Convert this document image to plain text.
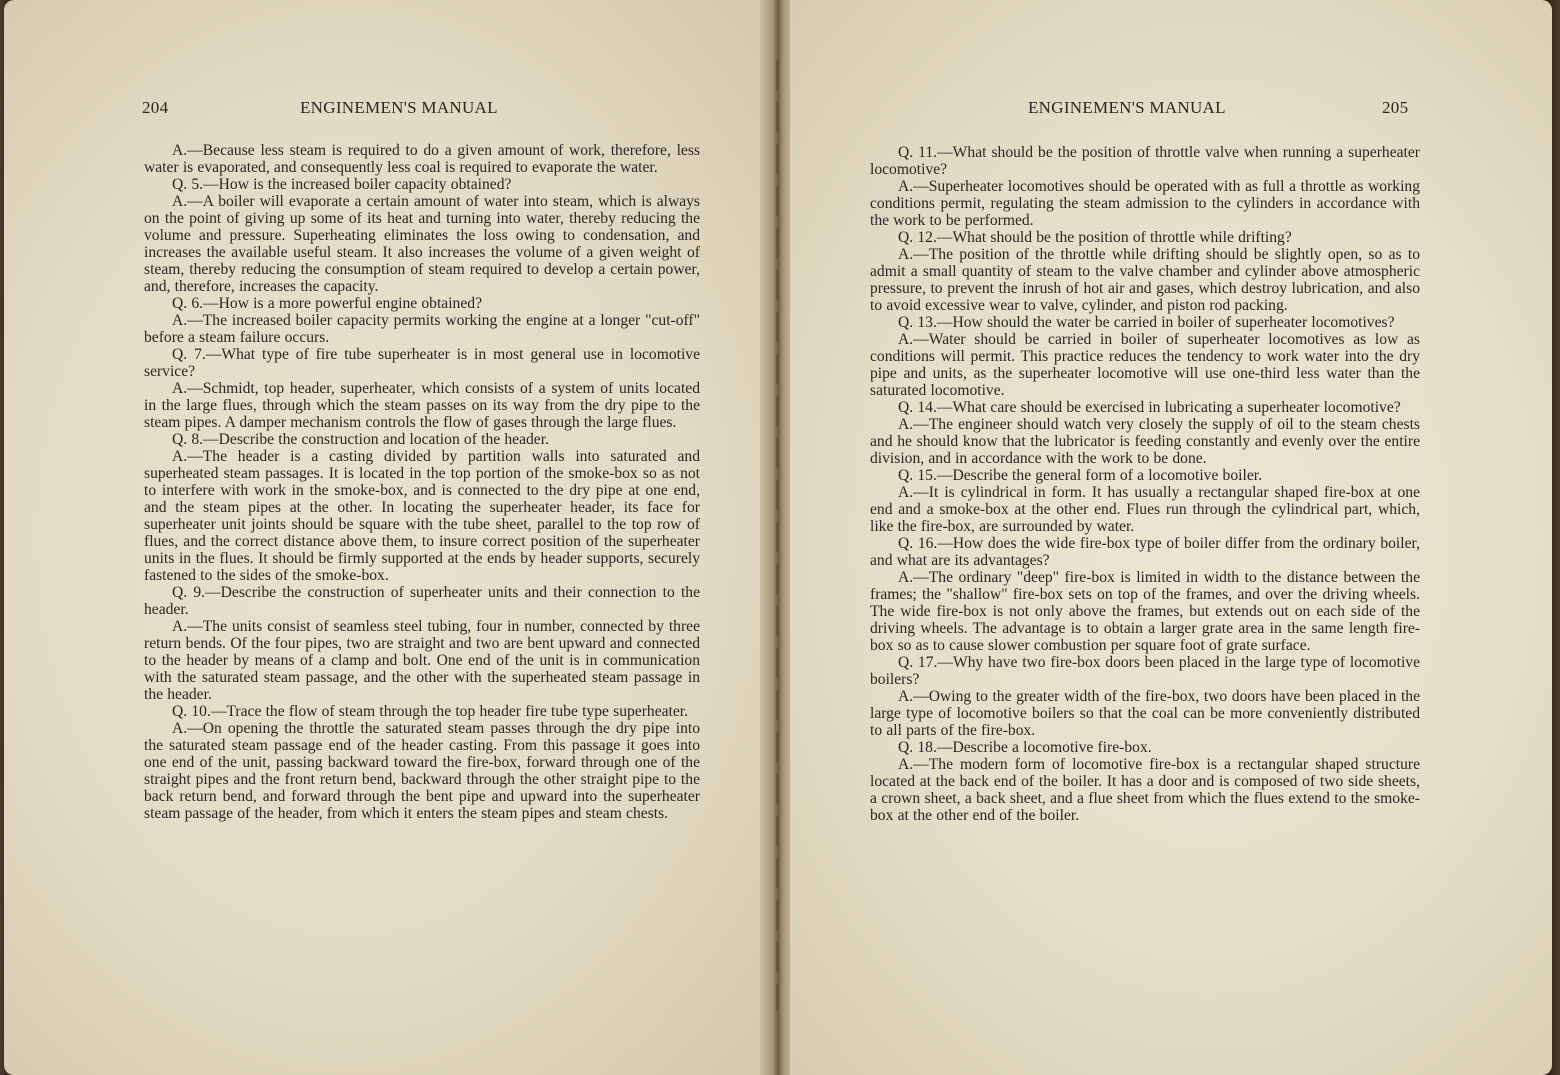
204	ENGINEMEN'S MANUAL

A.—Because less steam is required to do a given amount of work, therefore, less water is evaporated, and consequently less coal is required to evaporate the water.

Q. 5.—How is the increased boiler capacity obtained?

A.—A boiler will evaporate a certain amount of water into steam, which is always on the point of giving up some of its heat and turning into water, thereby reducing the volume and pressure. Superheating eliminates the loss owing to condensation, and increases the available useful steam. It also increases the volume of a given weight of steam, thereby reducing the consumption of steam required to develop a certain power, and, therefore, increases the capacity.

Q. 6.—How is a more powerful engine obtained?

A.—The increased boiler capacity permits working the engine at a longer "cut-off" before a steam failure occurs.

Q. 7.—What type of fire tube superheater is in most general use in locomotive service?

A.—Schmidt, top header, superheater, which consists of a system of units located in the large flues, through which the steam passes on its way from the dry pipe to the steam pipes. A damper mechanism controls the flow of gases through the large flues.

Q. 8.—Describe the construction and location of the header.

A.—The header is a casting divided by partition walls into saturated and superheated steam passages. It is located in the top portion of the smoke-box so as not to interfere with work in the smoke-box, and is connected to the dry pipe at one end, and the steam pipes at the other. In locating the superheater header, its face for superheater unit joints should be square with the tube sheet, parallel to the top row of flues, and the correct distance above them, to insure correct position of the superheater units in the flues. It should be firmly supported at the ends by header supports, securely fastened to the sides of the smoke-box.

Q. 9.—Describe the construction of superheater units and their connection to the header.

A.—The units consist of seamless steel tubing, four in number, connected by three return bends. Of the four pipes, two are straight and two are bent upward and connected to the header by means of a clamp and bolt. One end of the unit is in communication with the saturated steam passage, and the other with the superheated steam passage in the header.

Q. 10.—Trace the flow of steam through the top header fire tube type superheater.

A.—On opening the throttle the saturated steam passes through the dry pipe into the saturated steam passage end of the header casting. From this passage it goes into one end of the unit, passing backward toward the fire-box, forward through one of the straight pipes and the front return bend, backward through the other straight pipe to the back return bend, and forward through the bent pipe and upward into the superheater steam passage of the header, from which it enters the steam pipes and steam chests.

ENGINEMEN'S MANUAL	205

Q. 11.—What should be the position of throttle valve when running a superheater locomotive?

A.—Superheater locomotives should be operated with as full a throttle as working conditions permit, regulating the steam admission to the cylinders in accordance with the work to be performed.

Q. 12.—What should be the position of throttle while drifting?

A.—The position of the throttle while drifting should be slightly open, so as to admit a small quantity of steam to the valve chamber and cylinder above atmospheric pressure, to prevent the inrush of hot air and gases, which destroy lubrication, and also to avoid excessive wear to valve, cylinder, and piston rod packing.

Q. 13.—How should the water be carried in boiler of superheater locomotives?

A.—Water should be carried in boiler of superheater locomotives as low as conditions will permit. This practice reduces the tendency to work water into the dry pipe and units, as the superheater locomotive will use one-third less water than the saturated locomotive.

Q. 14.—What care should be exercised in lubricating a superheater locomotive?

A.—The engineer should watch very closely the supply of oil to the steam chests and he should know that the lubricator is feeding constantly and evenly over the entire division, and in accordance with the work to be done.

Q. 15.—Describe the general form of a locomotive boiler.

A.—It is cylindrical in form. It has usually a rectangular shaped fire-box at one end and a smoke-box at the other end. Flues run through the cylindrical part, which, like the fire-box, are surrounded by water.

Q. 16.—How does the wide fire-box type of boiler differ from the ordinary boiler, and what are its advantages?

A.—The ordinary "deep" fire-box is limited in width to the distance between the frames; the "shallow" fire-box sets on top of the frames, and over the driving wheels. The wide fire-box is not only above the frames, but extends out on each side of the driving wheels. The advantage is to obtain a larger grate area in the same length fire-box so as to cause slower combustion per square foot of grate surface.

Q. 17.—Why have two fire-box doors been placed in the large type of locomotive boilers?

A.—Owing to the greater width of the fire-box, two doors have been placed in the large type of locomotive boilers so that the coal can be more conveniently distributed to all parts of the fire-box.

Q. 18.—Describe a locomotive fire-box.

A.—The modern form of locomotive fire-box is a rectangular shaped structure located at the back end of the boiler. It has a door and is composed of two side sheets, a crown sheet, a back sheet, and a flue sheet from which the flues extend to the smoke-box at the other end of the boiler.
